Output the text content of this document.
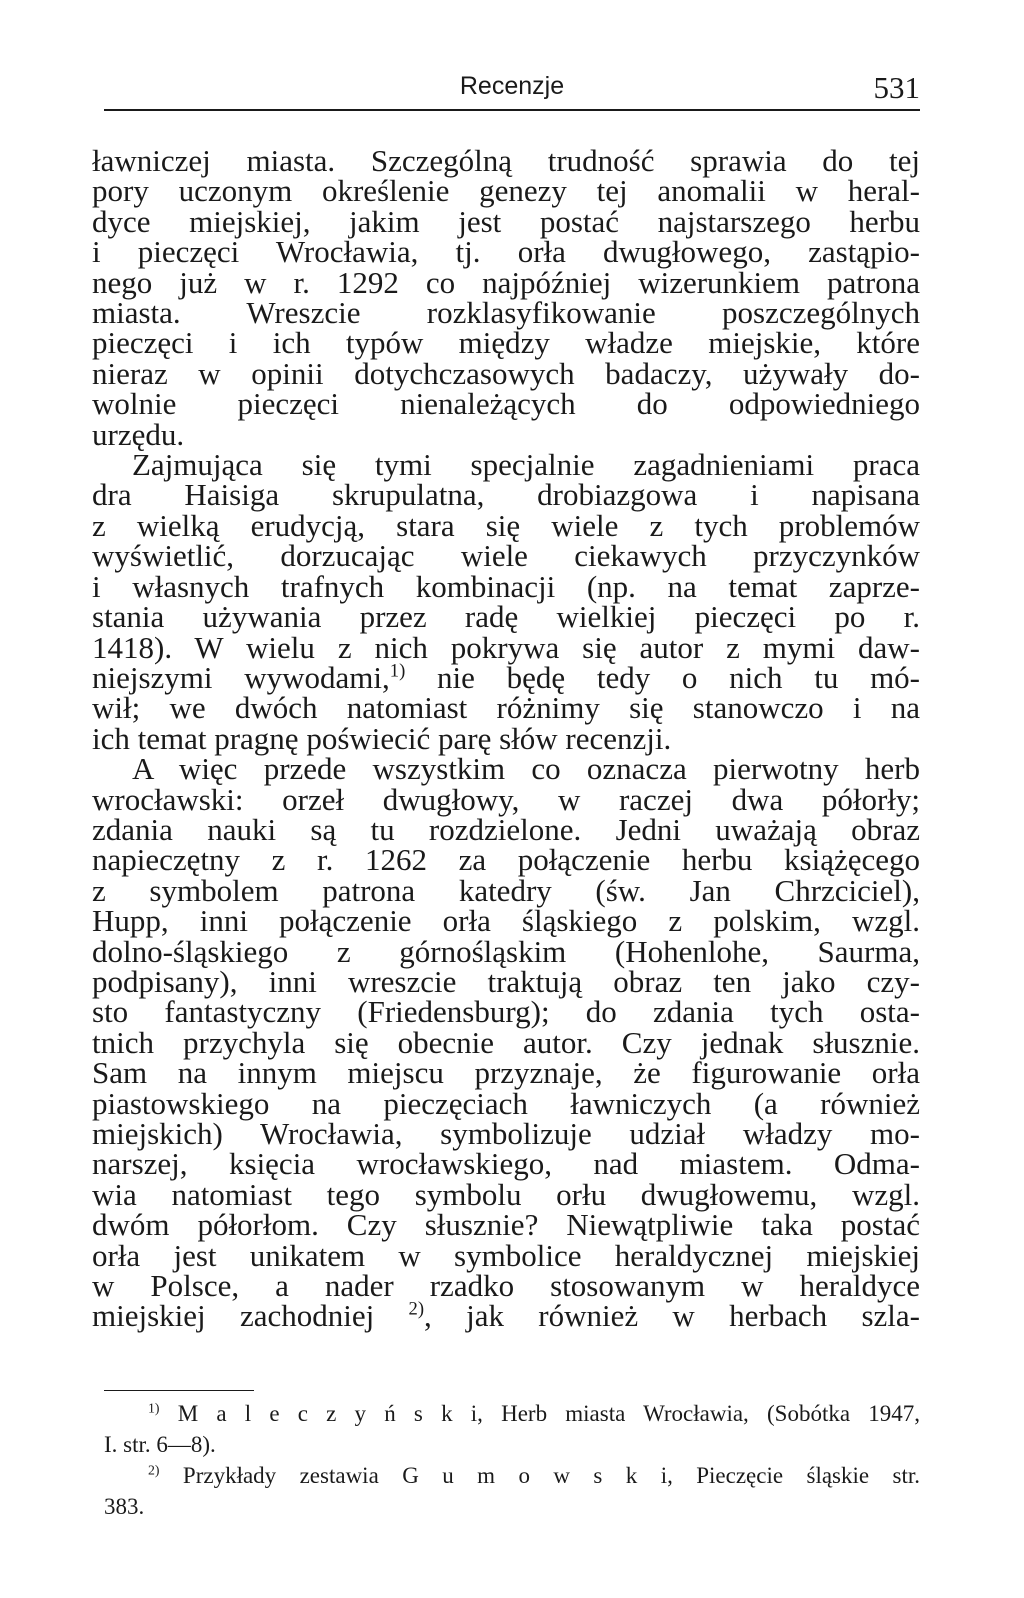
Recenzje	531
ławniczej miasta. Szczególną trudność sprawia do tej
pory uczonym określenie genezy tej anomalii w heral-
dyce miejskiej, jakim jest postać najstarszego herbu
i pieczęci Wrocławia, tj. orła dwugłowego, zastąpio-
nego już w r. 1292 co najpóźniej wizerunkiem patrona
miasta. Wreszcie rozklasyfikowanie poszczególnych
pieczęci i ich typów między władze miejskie, które
nieraz w opinii dotychczasowych badaczy, używały do-
wolnie pieczęci nienależących do odpowiedniego
urzędu.
Zajmująca się tymi specjalnie zagadnieniami praca
dra Haisiga skrupulatna, drobiazgowa i napisana
z wielką erudycją, stara się wiele z tych problemów
wyświetlić, dorzucając wiele ciekawych przyczynków
i własnych trafnych kombinacji (np. na temat zaprze-
stania używania przez radę wielkiej pieczęci po r.
1418). W wielu z nich pokrywa się autor z mymi daw-
niejszymi wywodami,$^{1)}$ nie będę tedy o nich tu mó-
wił; we dwóch natomiast różnimy się stanowczo i na
ich temat pragnę poświecić parę słów recenzji.
A więc przede wszystkim co oznacza pierwotny herb
wrocławski: orzeł dwugłowy, w raczej dwa półorły;
zdania nauki są tu rozdzielone. Jedni uważają obraz
napieczętny z r. 1262 za połączenie herbu książęcego
z symbolem patrona katedry (św. Jan Chrzciciel),
Hupp, inni połączenie orła śląskiego z polskim, wzgl.
dolno-śląskiego z górnośląskim (Hohenlohe, Saurma,
podpisany), inni wreszcie traktują obraz ten jako czy-
sto fantastyczny (Friedensburg); do zdania tych osta-
tnich przychyla się obecnie autor. Czy jednak słusznie.
Sam na innym miejscu przyznaje, że figurowanie orła
piastowskiego na pieczęciach ławniczych (a również
miejskich) Wrocławia, symbolizuje udział władzy mo-
narszej, księcia wrocławskiego, nad miastem. Odma-
wia natomiast tego symbolu orłu dwugłowemu, wzgl.
dwóm półorłom. Czy słusznie? Niewątpliwie taka postać
orła jest unikatem w symbolice heraldycznej miejskiej
w Polsce, a nader rzadko stosowanym w heraldyce
miejskiej zachodniej $^{2)}$, jak również w herbach szla-
$^{1)}$ M a l e c z y ń s k i, Herb miasta Wrocławia, (Sobótka 1947,
I. str. 6—8).
$^{2)}$ Przykłady zestawia G u m o w s k i, Pieczęcie śląskie str.
383.
